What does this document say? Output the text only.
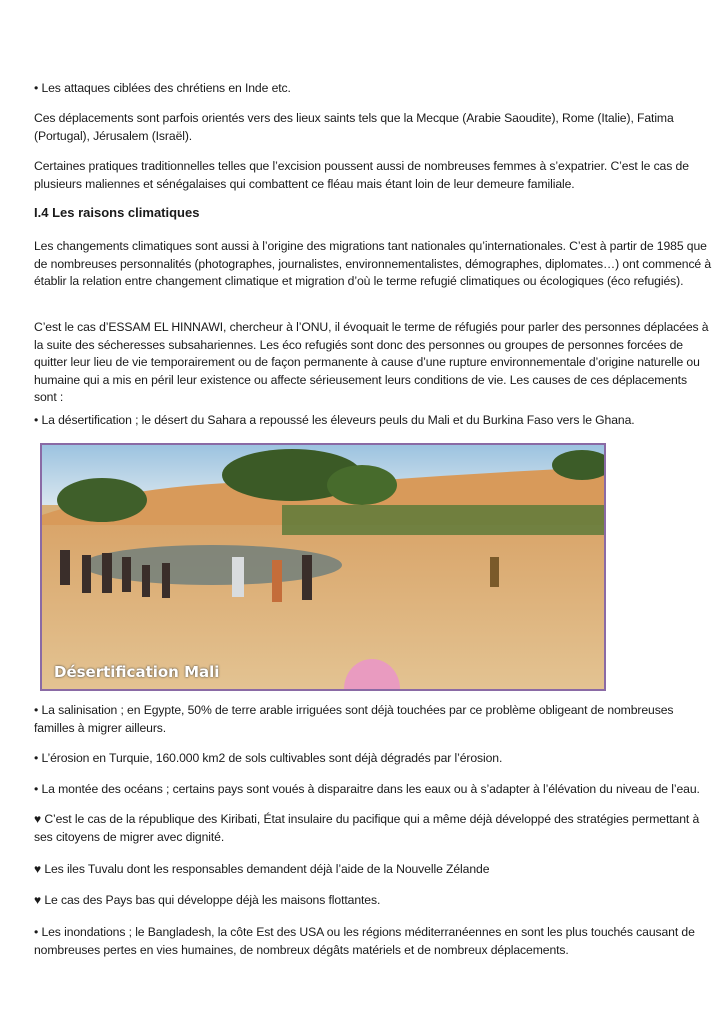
• Les attaques ciblées des chrétiens en Inde etc.

Ces déplacements sont parfois orientés vers des lieux saints tels que la Mecque (Arabie Saoudite), Rome (Italie), Fatima (Portugal), Jérusalem (Israël).

Certaines pratiques traditionnelles telles que l’excision poussent aussi de nombreuses femmes à s’expatrier. C’est le cas de plusieurs maliennes et sénégalaises qui combattent ce fléau mais étant loin de leur demeure familiale.

I.4 Les raisons climatiques

Les changements climatiques sont aussi à l’origine des migrations tant nationales qu’internationales. C’est à partir de 1985 que de nombreuses personnalités (photographes, journalistes, environnementalistes, démographes, diplomates…) ont commencé à établir la relation entre changement climatique et migration d’où le terme refugié climatiques ou écologiques (éco refugiés).

C’est le cas d’ESSAM EL HINNAWI, chercheur à l’ONU, il évoquait le terme de réfugiés pour parler des personnes déplacées à la suite des sécheresses subsahariennes. Les éco refugiés sont donc des personnes ou groupes de personnes forcées de quitter leur lieu de vie temporairement ou de façon permanente à cause d’une rupture environnementale d’origine naturelle ou humaine qui a mis en péril leur existence ou affecte sérieusement leurs conditions de vie. Les causes de ces déplacements sont :

• La désertification ; le désert du Sahara a repoussé les éleveurs peuls du Mali et du Burkina Faso vers le Ghana.

Désertification Mali

• La salinisation ; en Egypte, 50% de terre arable irriguées sont déjà touchées par ce problème obligeant de nombreuses familles à migrer ailleurs.

• L’érosion en Turquie, 160.000 km2 de sols cultivables sont déjà dégradés par l’érosion.

• La montée des océans ; certains pays sont voués à disparaitre dans les eaux ou à s’adapter à l’élévation du niveau de l’eau.

♥ C’est le cas de la république des Kiribati, État insulaire du pacifique qui a même déjà développé des stratégies permettant à ses citoyens de migrer avec dignité.

♥ Les iles Tuvalu dont les responsables demandent déjà l’aide de la Nouvelle Zélande

♥ Le cas des Pays bas qui développe déjà les maisons flottantes.

• Les inondations ; le Bangladesh, la côte Est des USA ou les régions méditerranéennes en sont les plus touchés causant de nombreuses pertes en vies humaines, de nombreux dégâts matériels et de nombreux déplacements.
